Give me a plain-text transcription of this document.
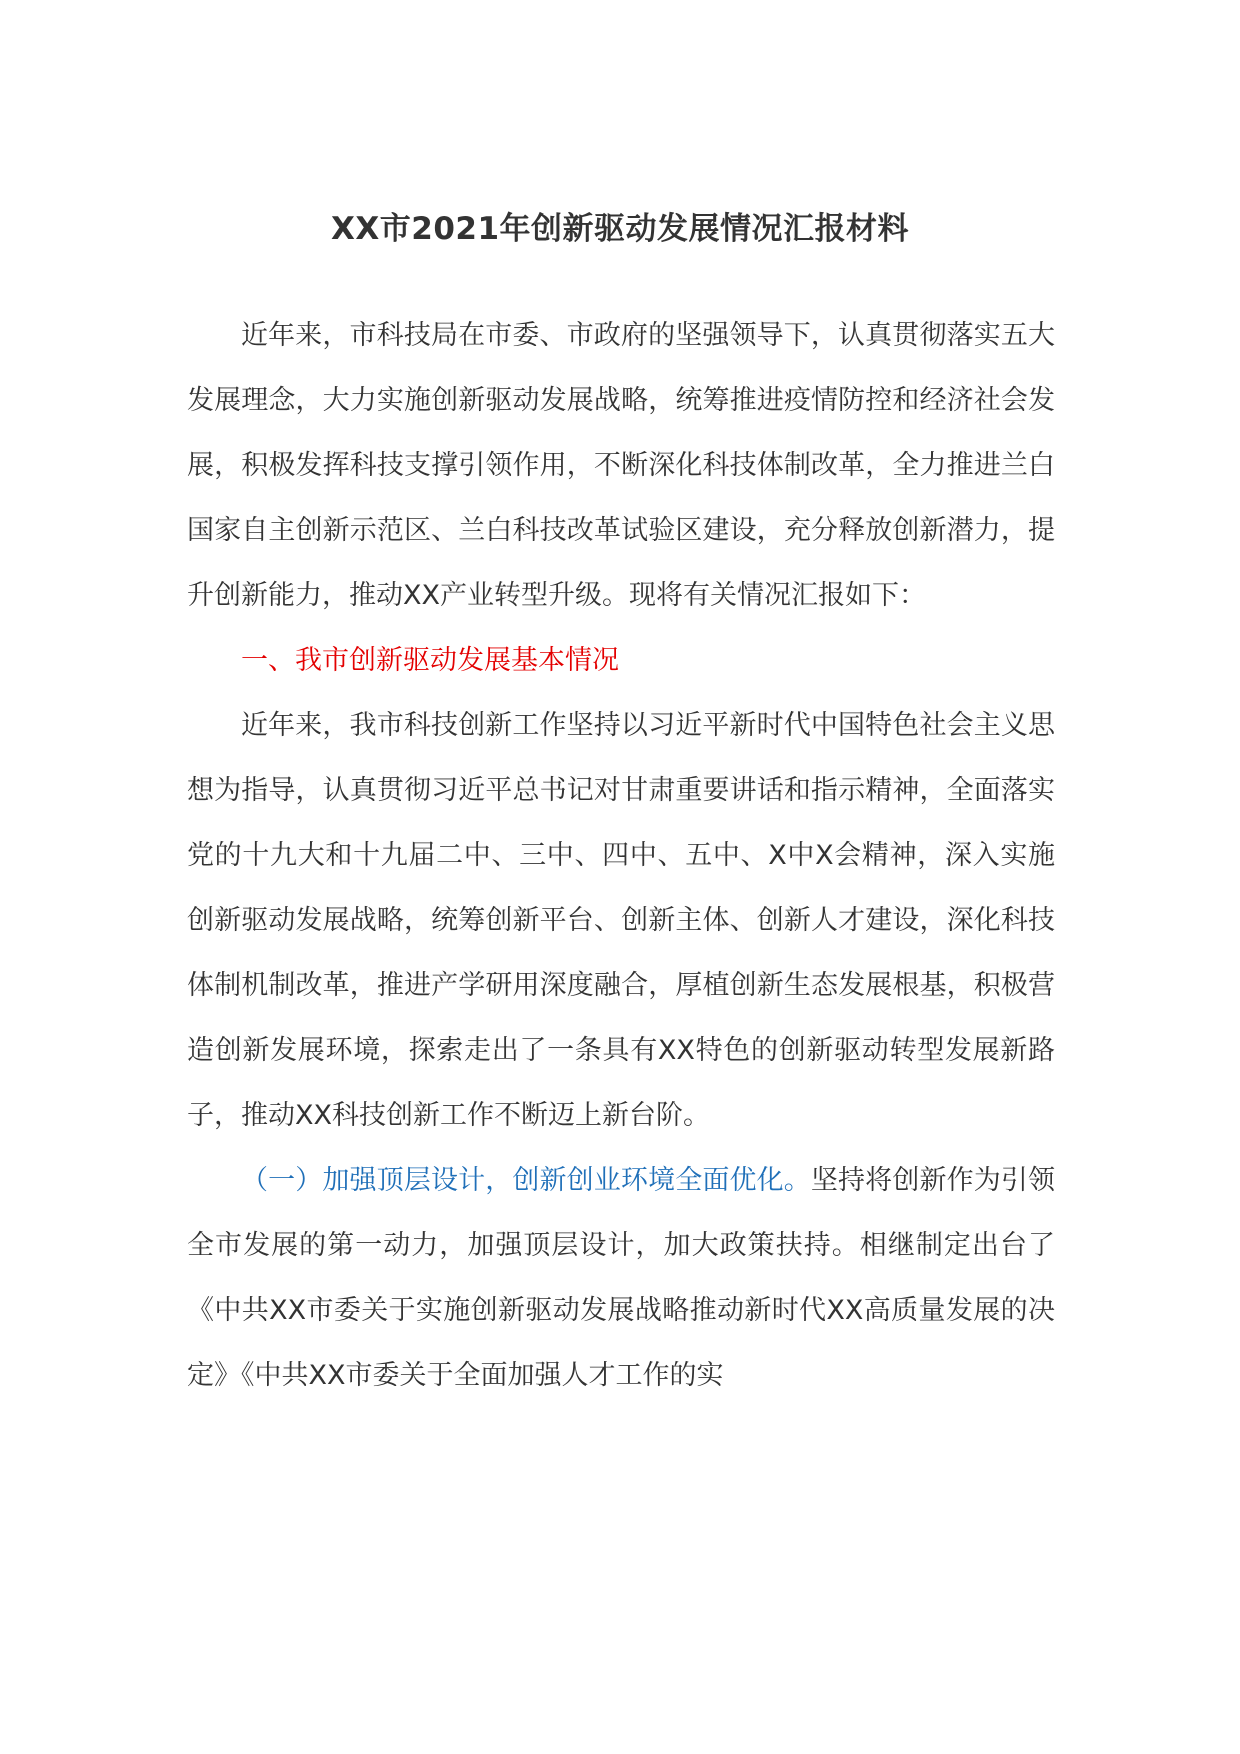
XX市2021年创新驱动发展情况汇报材料

近年来，市科技局在市委、市政府的坚强领导下，认真贯彻落实五大发展理念，大力实施创新驱动发展战略，统筹推进疫情防控和经济社会发展，积极发挥科技支撑引领作用，不断深化科技体制改革，全力推进兰白国家自主创新示范区、兰白科技改革试验区建设，充分释放创新潜力，提升创新能力，推动XX产业转型升级。现将有关情况汇报如下：

一、我市创新驱动发展基本情况

近年来，我市科技创新工作坚持以习近平新时代中国特色社会主义思想为指导，认真贯彻习近平总书记对甘肃重要讲话和指示精神，全面落实党的十九大和十九届二中、三中、四中、五中、X中X会精神，深入实施创新驱动发展战略，统筹创新平台、创新主体、创新人才建设，深化科技体制机制改革，推进产学研用深度融合，厚植创新生态发展根基，积极营造创新发展环境，探索走出了一条具有XX特色的创新驱动转型发展新路子，推动XX科技创新工作不断迈上新台阶。

（一）加强顶层设计，创新创业环境全面优化。坚持将创新作为引领全市发展的第一动力，加强顶层设计，加大政策扶持。相继制定出台了《中共XX市委关于实施创新驱动发展战略推动新时代XX高质量发展的决定》《中共XX市委关于全面加强人才工作的实
